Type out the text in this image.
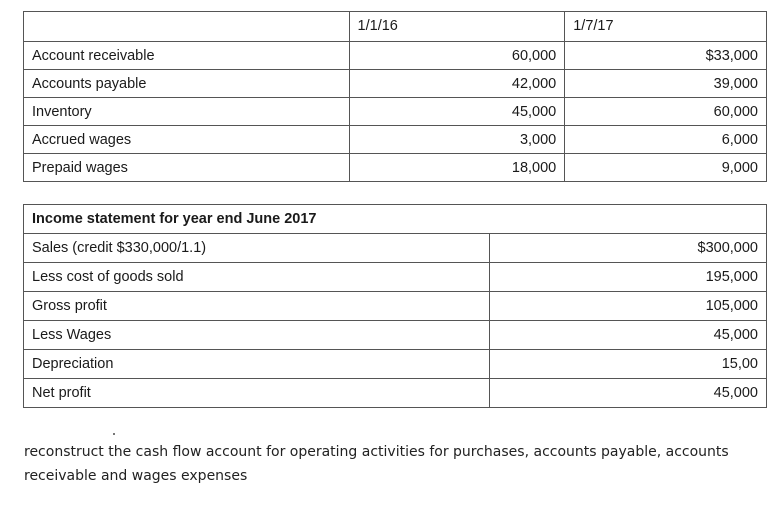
	1/1/16	1/7/17
Account receivable	60,000	$33,000
Accounts payable	42,000	39,000
Inventory	45,000	60,000
Accrued wages	3,000	6,000
Prepaid wages	18,000	9,000
Income statement for year end June 2017	
Sales (credit $330,000/1.1)	$300,000
Less cost of goods sold	195,000
Gross profit	105,000
Less Wages	45,000
Depreciation	15,00
Net profit	45,000
reconstruct the cash flow account for operating activities for purchases, accounts payable, accounts receivable and wages expenses
